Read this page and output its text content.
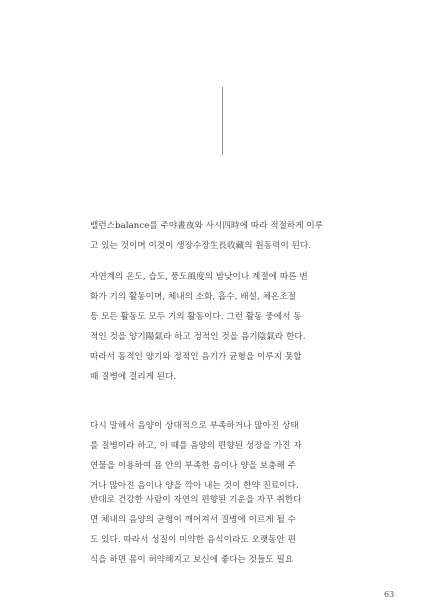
밸런스balance를 주야晝夜와 사시四時에 따라 적절하게 이루
고 있는 것이며 이것이 생장수장生長收藏의 원동력이 된다.
자연계의 온도, 습도, 풍도風度의 밤낮이나 계절에 따른 변
화가 기의 활동이며, 체내의 소화, 흡수, 배설, 체온조절
등 모든 활동도 모두 기의 활동이다. 그런 활동 중에서 동
적인 것을 양기陽氣라 하고 정적인 것을 음기陰氣라 한다.
따라서 동적인 양기와 정적인 음기가 균형을 이루지 못할
때 질병에 걸리게 된다.
다시 말해서 음양이 상대적으로 부족하거나 많아진 상태
를 질병이라 하고, 이 때를 음양의 편향된 성장을 가진 자
연물을 이용하여 몸 안의 부족한 음이나 양을 보충해 주
거나 많아진 음이나 양을 깍아 내는 것이 한약 진료이다.
반대로 건강한 사람이 자연의 편향된 기운을 자꾸 취한다
면 체내의 음양의 균형이 깨어져서 질병에 이르게 될 수
도 있다. 따라서 성질이 미약한 음식이라도 오랫동안 편
식을 하면 몸이 허약해지고 보신에 좋다는 것들도 필요
63
